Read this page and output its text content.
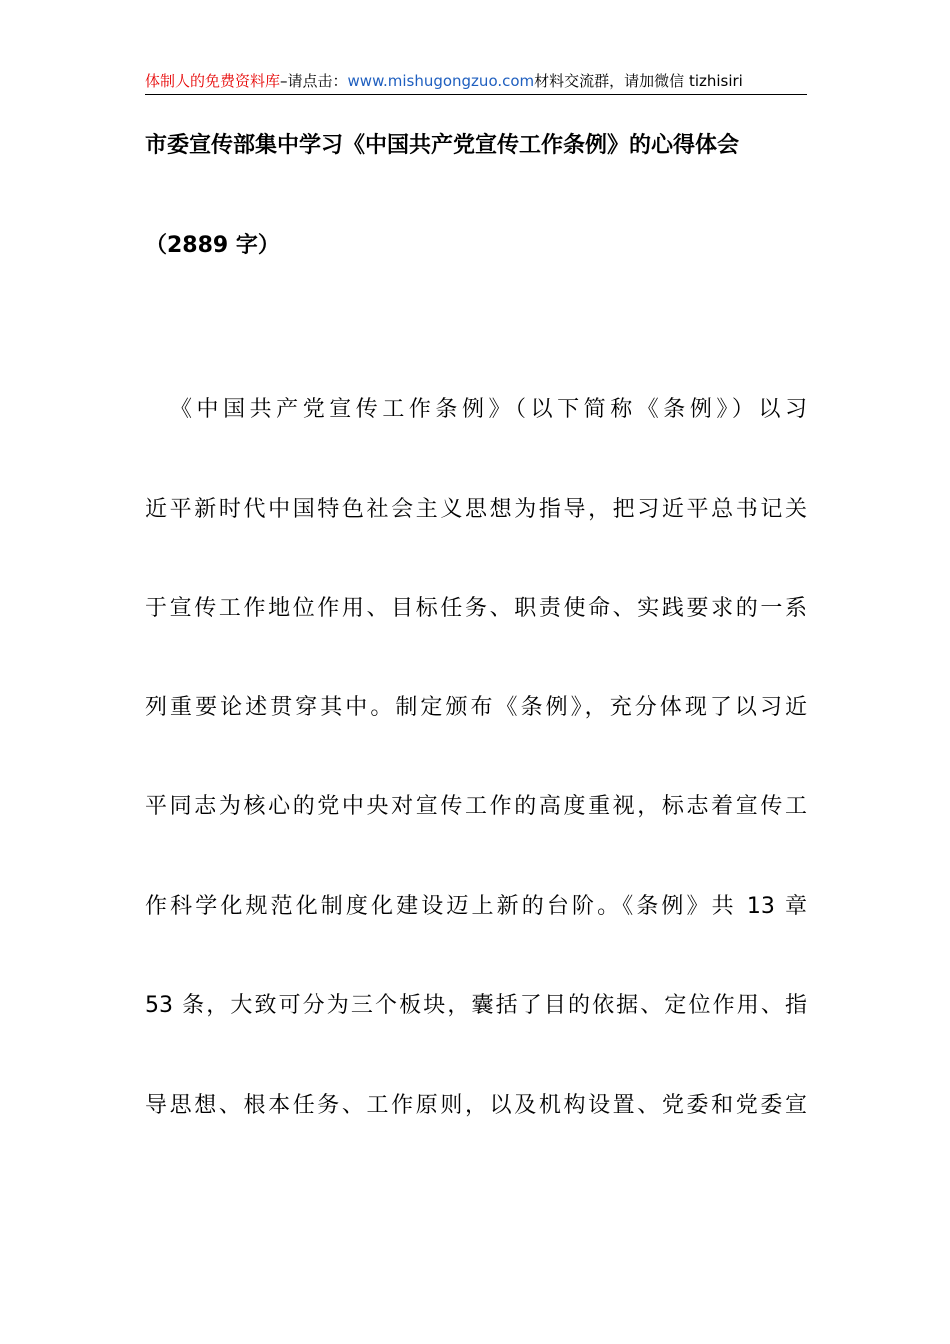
体制人的免费资料库–请点击：www.mishugongzuo.com材料交流群，请加微信 tizhisiri
市委宣传部集中学习《中国共产党宣传工作条例》的心得体会
（2889 字）
《中国共产党宣传工作条例》（以下简称《条例》）以习
近平新时代中国特色社会主义思想为指导，把习近平总书记关
于宣传工作地位作用、目标任务、职责使命、实践要求的一系
列重要论述贯穿其中。制定颁布《条例》，充分体现了以习近
平同志为核心的党中央对宣传工作的高度重视，标志着宣传工
作科学化规范化制度化建设迈上新的台阶。《条例》共 13 章
53 条，大致可分为三个板块，囊括了目的依据、定位作用、指
导思想、根本任务、工作原则，以及机构设置、党委和党委宣
